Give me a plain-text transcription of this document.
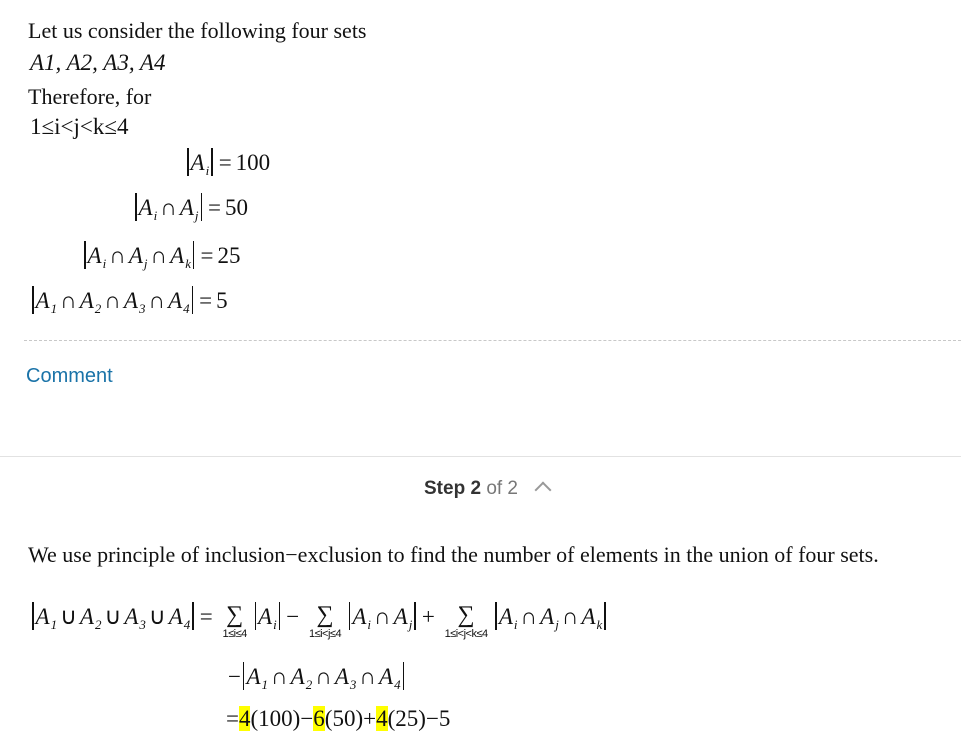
Let us consider the following four sets
A1, A2, A3, A4
Therefore, for
1≤i<j<k≤4
$A_i = 100$
$A_i$ ∩ $A_j = 50$
$A_i$ ∩ $A_j$ ∩ $A_k = 25$
$A_1$ ∩ $A_2$ ∩ $A_3$ ∩ $A_4 = 5$
Comment
Step 2 of 2
We use principle of inclusion−exclusion to find the number of elements in the union of four sets.
$A_1$ ∪ $A_2$ ∪ $A_3$ ∪ $A_4$ = ∑
1≤i≤4
$A_i$ − ∑
1≤i<j≤4
$A_i$ ∩ $A_j$ + ∑
1≤i<j<k≤4
$A_i$ ∩ $A_j$ ∩ $A_k$
− $A_1$ ∩ $A_2$ ∩ $A_3$ ∩ $A_4$
=4(100)−6(50)+4(25)−5
